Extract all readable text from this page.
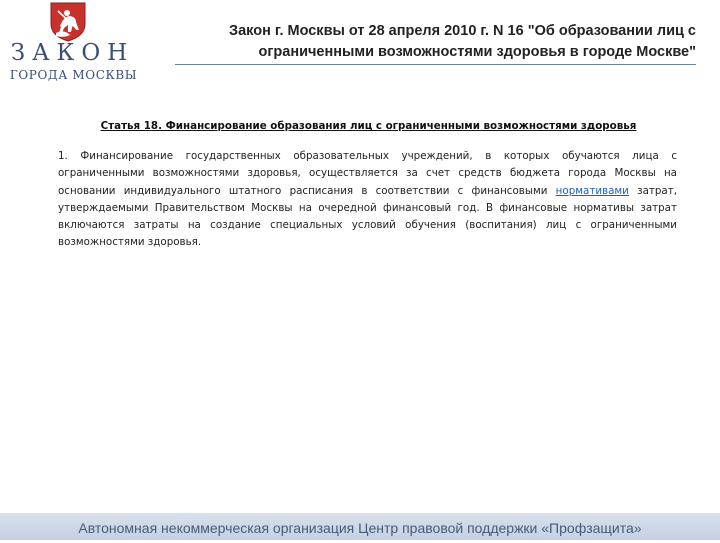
ЗАКОН
ГОРОДА МОСКВЫ
Закон г. Москвы от 28 апреля 2010 г. N 16 "Об образовании лиц с
ограниченными возможностями здоровья в городе Москве"
Статья 18. Финансирование образования лиц с ограниченными возможностями здоровья

1. Финансирование государственных образовательных учреждений, в которых обучаются лица с ограниченными возможностями здоровья, осуществляется за счет средств бюджета города Москвы на основании индивидуального штатного расписания в соответствии с финансовыми нормативами затрат, утверждаемыми Правительством Москвы на очередной финансовый год. В финансовые нормативы затрат включаются затраты на создание специальных условий обучения (воспитания) лиц с ограниченными возможностями здоровья.

Автономная некоммерческая организация Центр правовой поддержки «Профзащита»
